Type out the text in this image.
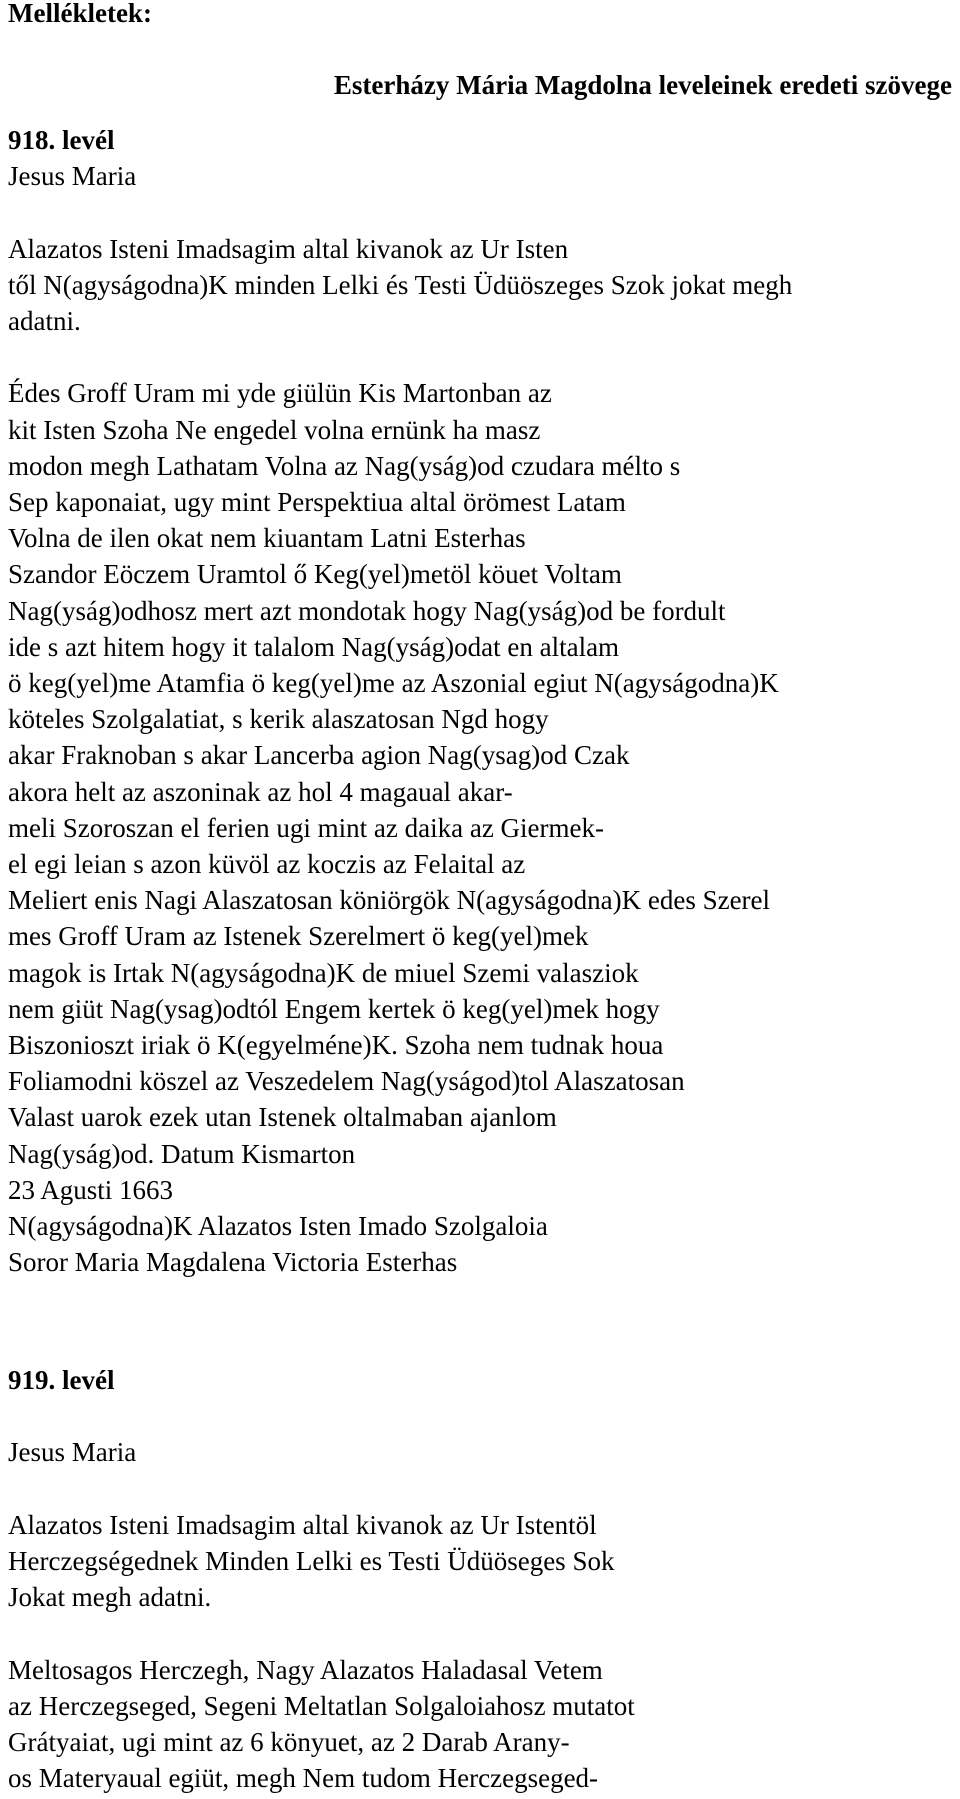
Mellékletek:
Esterházy Mária Magdolna leveleinek eredeti szövege
918. levél
Jesus Maria
Alazatos Isteni Imadsagim altal kivanok az Ur Isten
től N(agyságodna)K minden Lelki és Testi Üdüöszeges Szok jokat megh
adatni.
Édes Groff Uram mi yde giülün Kis Martonban az
kit Isten Szoha Ne engedel volna ernünk ha masz
modon megh Lathatam Volna az Nag(yság)od czudara mélto s
Sep kaponaiat, ugy mint Perspektiua altal örömest Latam
Volna de ilen okat nem kiuantam Latni Esterhas
Szandor Eöczem Uramtol ő Keg(yel)metöl köuet Voltam
Nag(yság)odhosz mert azt mondotak hogy Nag(yság)od be fordult
ide s azt hitem hogy it talalom Nag(yság)odat en altalam
ö keg(yel)me Atamfia ö keg(yel)me az Aszonial egiut N(agyságodna)K
köteles Szolgalatiat, s kerik alaszatosan Ngd hogy
akar Fraknoban s akar Lancerba agion Nag(ysag)od Czak
akora helt az aszoninak az hol 4 magaual akar-
meli Szoroszan el ferien ugi mint az daika az Giermek-
el egi leian s azon küvöl az koczis az Felaital az
Meliert enis Nagi Alaszatosan köniörgök N(agyságodna)K edes Szerel
mes Groff Uram az Istenek Szerelmert ö keg(yel)mek
magok is Irtak N(agyságodna)K de miuel Szemi valasziok
nem giüt Nag(ysag)odtól Engem kertek ö keg(yel)mek hogy
Biszonioszt iriak ö K(egyelméne)K. Szoha nem tudnak houa
Foliamodni köszel az Veszedelem Nag(yságod)tol Alaszatosan
Valast uarok ezek utan Istenek oltalmaban ajanlom
Nag(yság)od. Datum Kismarton
23 Agusti 1663
N(agyságodna)K Alazatos Isten Imado Szolgaloia
Soror Maria Magdalena Victoria Esterhas
919. levél
Jesus Maria
Alazatos Isteni Imadsagim altal kivanok az Ur Istentöl
Herczegségednek Minden Lelki es Testi Üdüöseges Sok
Jokat megh adatni.
Meltosagos Herczegh, Nagy Alazatos Haladasal Vetem
az Herczegseged, Segeni Meltatlan Solgaloiahosz mutatot
Grátyaiat, ugi mint az 6 könyuet, az 2 Darab Arany-
os Materyaual egiüt, megh Nem tudom Herczegseged-
